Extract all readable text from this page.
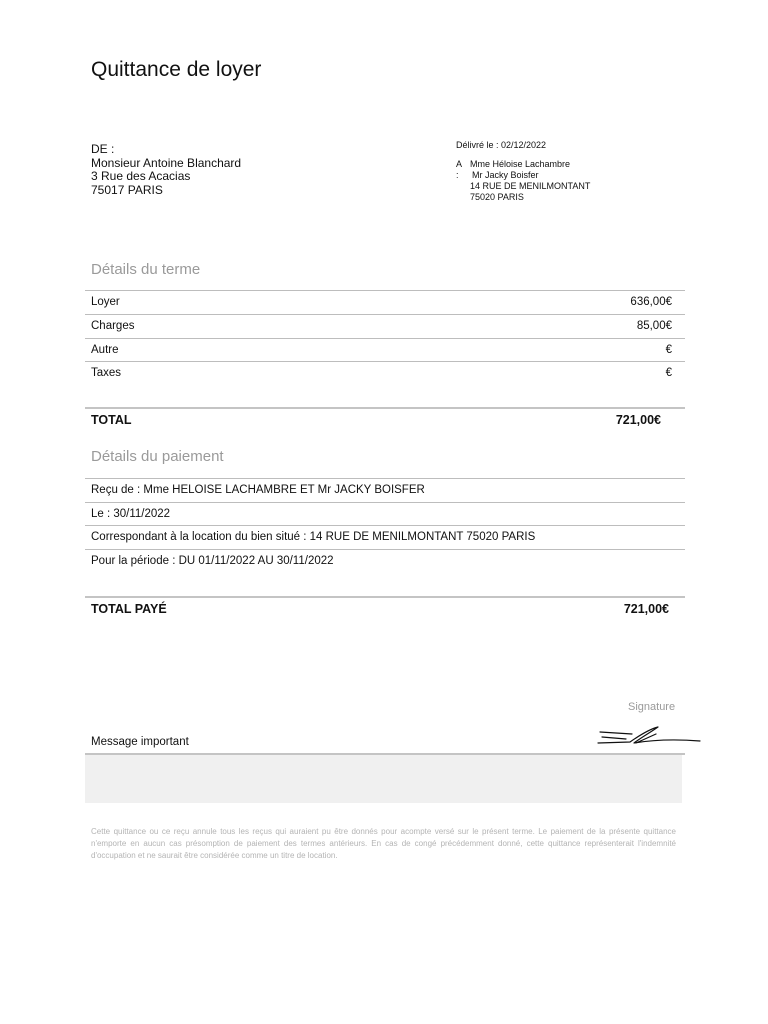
Quittance de loyer
DE :
Monsieur Antoine Blanchard
3 Rue des Acacias
75017 PARIS
Délivré le : 02/12/2022
A :
Mme Héloise Lachambre
Mr Jacky Boisfer
14 RUE DE MENILMONTANT
75020 PARIS
Détails du terme
Loyer	636,00€
Charges	85,00€
Autre	€
Taxes	€
TOTAL	721,00€
Détails du paiement
Reçu de : Mme HELOISE LACHAMBRE ET Mr JACKY BOISFER
Le : 30/11/2022
Correspondant à la location du bien situé : 14 RUE DE MENILMONTANT 75020 PARIS
Pour la période : DU 01/11/2022 AU 30/11/2022
TOTAL PAYÉ	721,00€
Signature
Message important
Cette quittance ou ce reçu annule tous les reçus qui auraient pu être donnés pour acompte versé sur le présent terme. Le paiement de la présente quittance n'emporte en aucun cas présomption de paiement des termes antérieurs. En cas de congé précédemment donné, cette quittance représenterait l'indemnité d'occupation et ne saurait être considérée comme un titre de location.
